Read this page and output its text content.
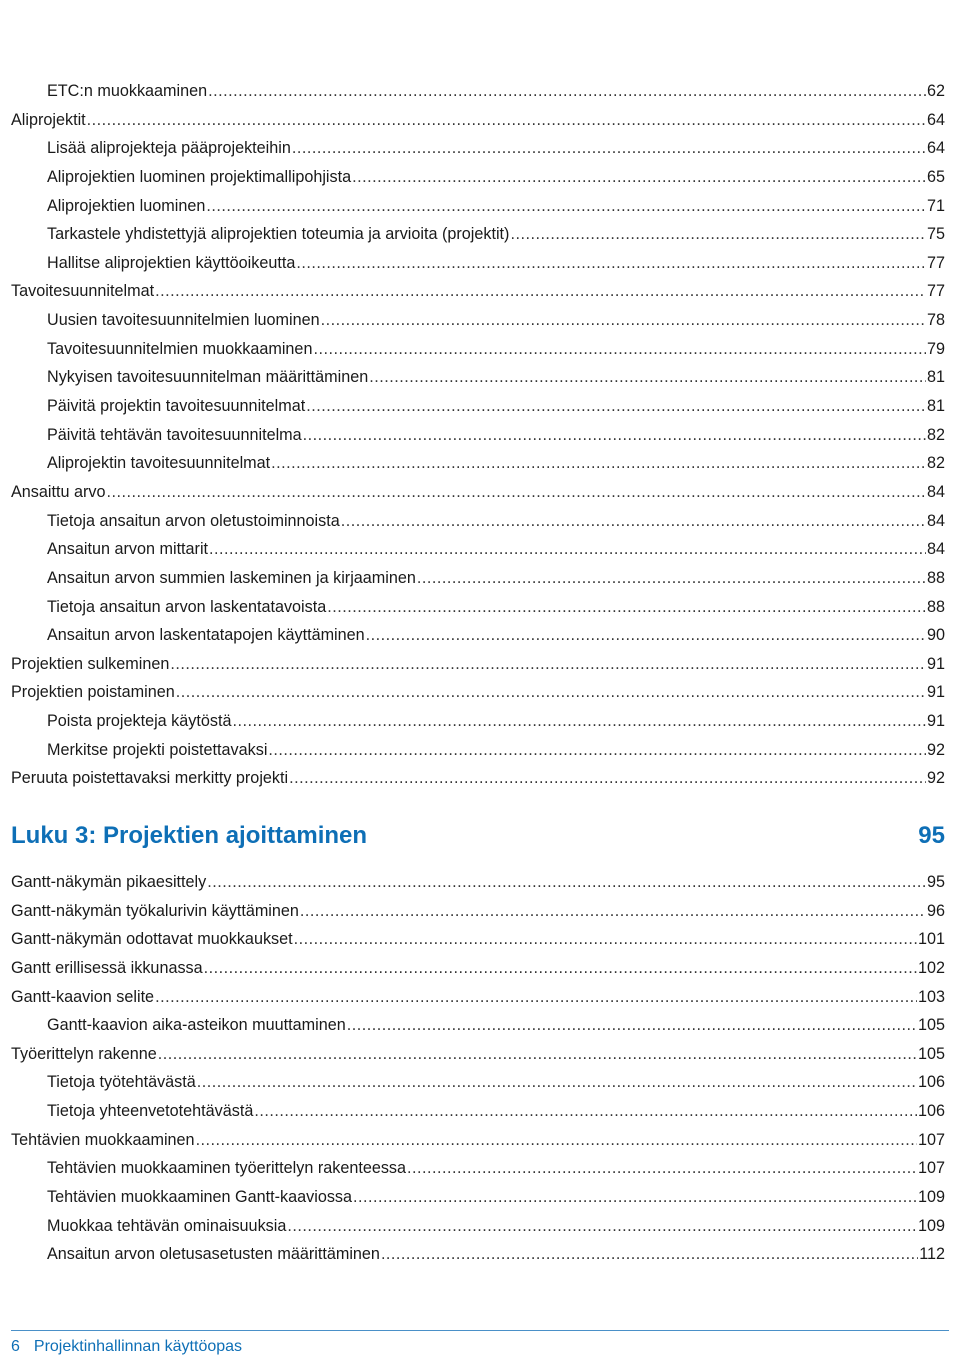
ETC:n muokkaaminen .....	62
Aliprojektit .....	64
Lisää aliprojekteja pääprojekteihin .....	64
Aliprojektien luominen projektimallipohjista .....	65
Aliprojektien luominen .....	71
Tarkastele yhdistettyjä aliprojektien toteumia ja arvioita (projektit) .....	75
Hallitse aliprojektien käyttöoikeutta .....	77
Tavoitesuunnitelmat .....	77
Uusien tavoitesuunnitelmien luominen .....	78
Tavoitesuunnitelmien muokkaaminen .....	79
Nykyisen tavoitesuunnitelman määrittäminen .....	81
Päivitä projektin tavoitesuunnitelmat .....	81
Päivitä tehtävän tavoitesuunnitelma .....	82
Aliprojektin tavoitesuunnitelmat .....	82
Ansaittu arvo .....	84
Tietoja ansaitun arvon oletustoiminnoista .....	84
Ansaitun arvon mittarit .....	84
Ansaitun arvon summien laskeminen ja kirjaaminen .....	88
Tietoja ansaitun arvon laskentatavoista .....	88
Ansaitun arvon laskentatapojen käyttäminen .....	90
Projektien sulkeminen .....	91
Projektien poistaminen .....	91
Poista projekteja käytöstä .....	91
Merkitse projekti poistettavaksi .....	92
Peruuta poistettavaksi merkitty projekti .....	92
Luku 3: Projektien ajoittaminen	95
Gantt-näkymän pikaesittely .....	95
Gantt-näkymän työkalurivin käyttäminen .....	96
Gantt-näkymän odottavat muokkaukset .....	101
Gantt erillisessä ikkunassa .....	102
Gantt-kaavion selite .....	103
Gantt-kaavion aika-asteikon muuttaminen .....	105
Työerittelyn rakenne .....	105
Tietoja työtehtävästä .....	106
Tietoja yhteenvetotehtävästä .....	106
Tehtävien muokkaaminen .....	107
Tehtävien muokkaaminen työerittelyn rakenteessa .....	107
Tehtävien muokkaaminen Gantt-kaaviossa .....	109
Muokkaa tehtävän ominaisuuksia .....	109
Ansaitun arvon oletusasetusten määrittäminen .....	112
6 Projektinhallinnan käyttöopas
